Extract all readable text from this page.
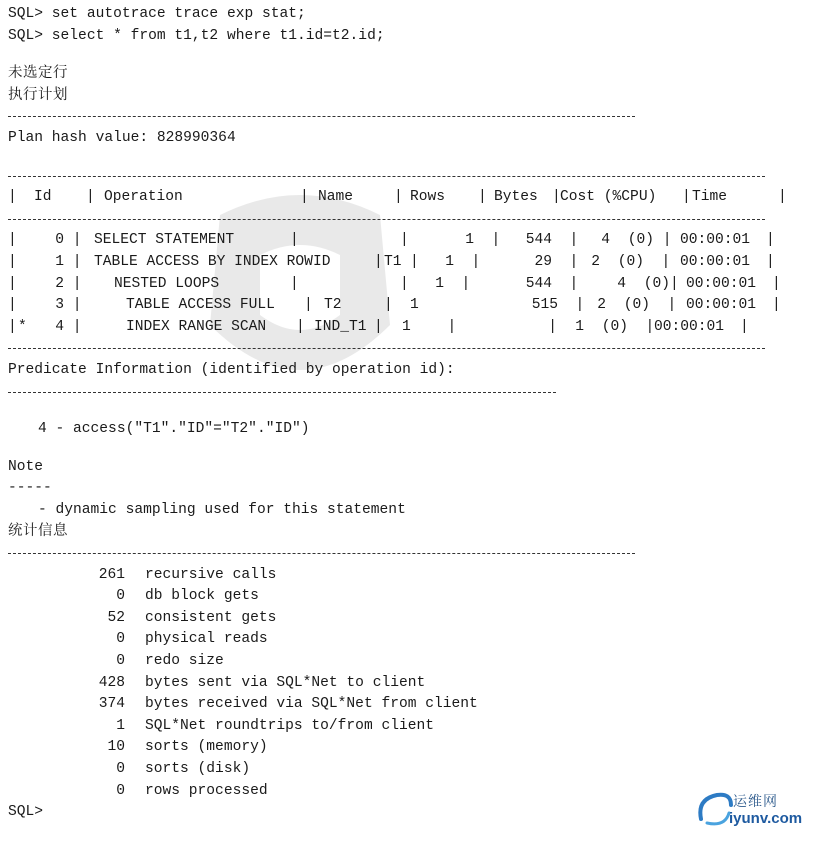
SQL> set autotrace trace exp stat;
SQL> select * from t1,t2 where t1.id=t2.id;
未选定行
执行计划
Plan hash value: 828990364
| Id | Operation	| Name	| Rows | Bytes |Cost (%CPU) |Time	|
|	0 | SELECT STATEMENT	|	|	1  | 544  | 4 (0) | 00:00:01 |
|	1 | TABLE ACCESS BY INDEX ROWID	|T1 | 1  |	29  | 2 (0)  | 00:00:01 |
|	2 | NESTED LOOPS	|	| 1  |	544  |	4 (0)| 00:00:01 |
|	3 |	TABLE ACCESS FULL | T2	| 1	515  | 2 (0)  | 00:00:01 |
|* 4 |	INDEX RANGE SCAN | IND_T1 | 1  |	| 1 (0)  |00:00:01 |
Predicate Information (identified by operation id):
4 - access("T1"."ID"="T2"."ID")
Note
-----
- dynamic sampling used for this statement
统计信息
261 recursive calls
0 db block gets
52 consistent gets
0 physical reads
0 redo size
428 bytes sent via SQL*Net to client
374 bytes received via SQL*Net from client
1 SQL*Net roundtrips to/from client
10 sorts (memory)
0 sorts (disk)
0 rows processed
SQL>
运维网
iyunv.com
